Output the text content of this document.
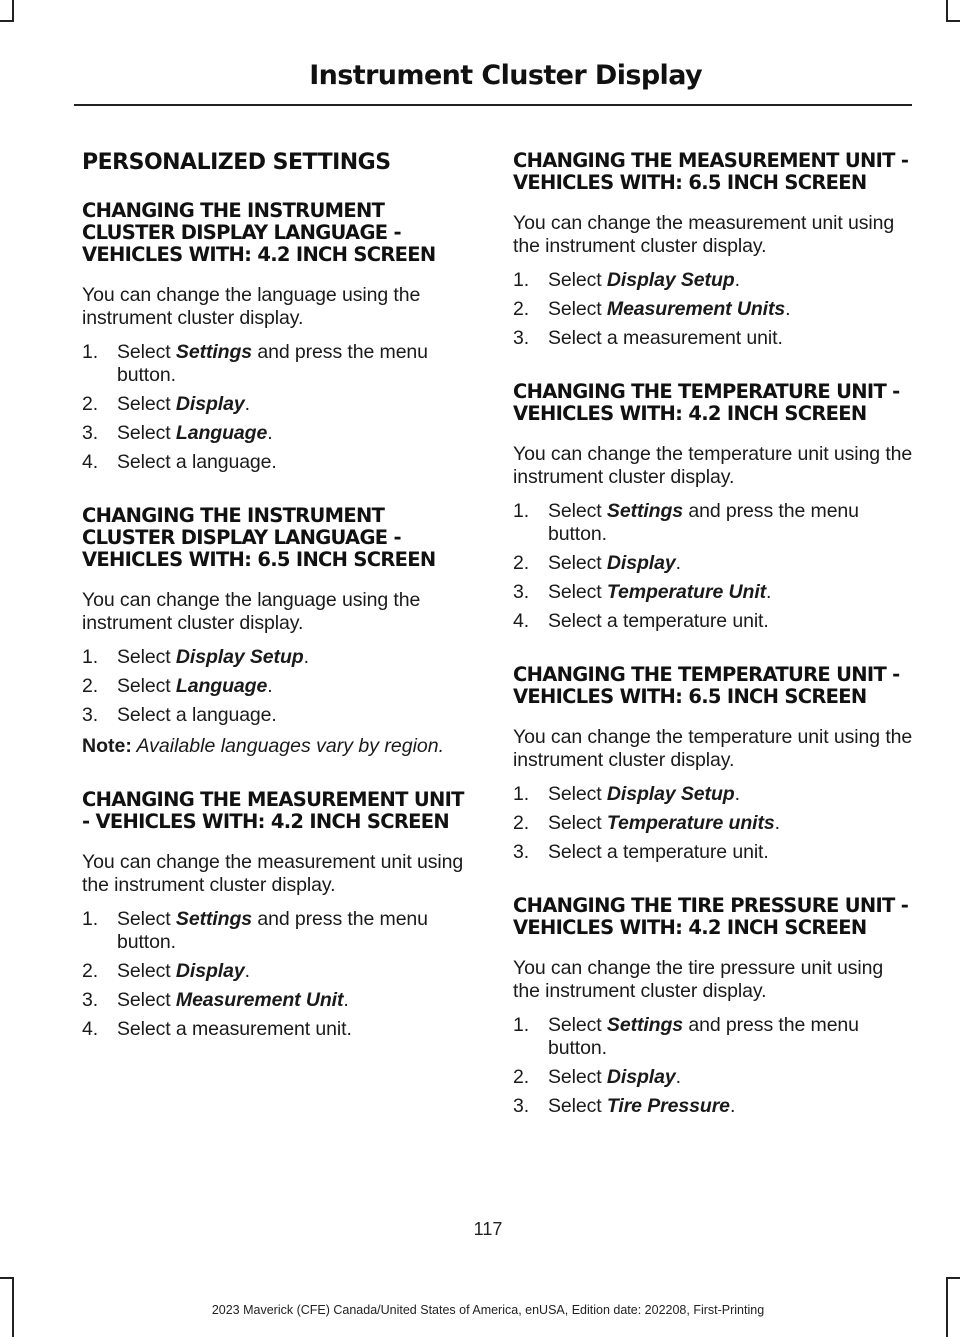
Instrument Cluster Display
PERSONALIZED SETTINGS
CHANGING THE INSTRUMENT CLUSTER DISPLAY LANGUAGE - VEHICLES WITH: 4.2 INCH SCREEN
You can change the language using the instrument cluster display.
1. Select Settings and press the menu button.
2. Select Display.
3. Select Language.
4. Select a language.
CHANGING THE INSTRUMENT CLUSTER DISPLAY LANGUAGE - VEHICLES WITH: 6.5 INCH SCREEN
You can change the language using the instrument cluster display.
1. Select Display Setup.
2. Select Language.
3. Select a language.
Note: Available languages vary by region.
CHANGING THE MEASUREMENT UNIT - VEHICLES WITH: 4.2 INCH SCREEN
You can change the measurement unit using the instrument cluster display.
1. Select Settings and press the menu button.
2. Select Display.
3. Select Measurement Unit.
4. Select a measurement unit.
CHANGING THE MEASUREMENT UNIT - VEHICLES WITH: 6.5 INCH SCREEN
You can change the measurement unit using the instrument cluster display.
1. Select Display Setup.
2. Select Measurement Units.
3. Select a measurement unit.
CHANGING THE TEMPERATURE UNIT - VEHICLES WITH: 4.2 INCH SCREEN
You can change the temperature unit using the instrument cluster display.
1. Select Settings and press the menu button.
2. Select Display.
3. Select Temperature Unit.
4. Select a temperature unit.
CHANGING THE TEMPERATURE UNIT - VEHICLES WITH: 6.5 INCH SCREEN
You can change the temperature unit using the instrument cluster display.
1. Select Display Setup.
2. Select Temperature units.
3. Select a temperature unit.
CHANGING THE TIRE PRESSURE UNIT - VEHICLES WITH: 4.2 INCH SCREEN
You can change the tire pressure unit using the instrument cluster display.
1. Select Settings and press the menu button.
2. Select Display.
3. Select Tire Pressure.
117
2023 Maverick (CFE) Canada/United States of America, enUSA, Edition date: 202208, First-Printing
